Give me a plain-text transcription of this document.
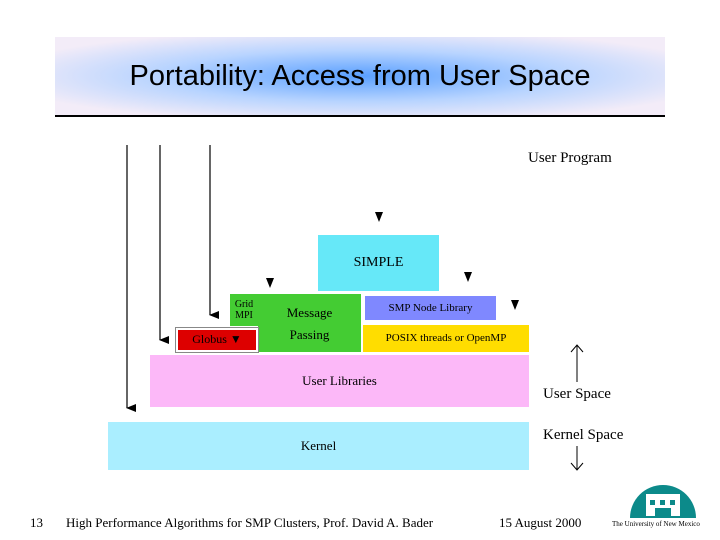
Portability: Access from User Space
SIMPLE
Grid MPI	Message
Passing
Globus ▼
SMP Node Library
POSIX threads or OpenMP
User Libraries
Kernel
User Program
User Space
Kernel Space
13 High Performance Algorithms for SMP Clusters, Prof. David A. Bader	15 August 2000	The University of New Mexico
